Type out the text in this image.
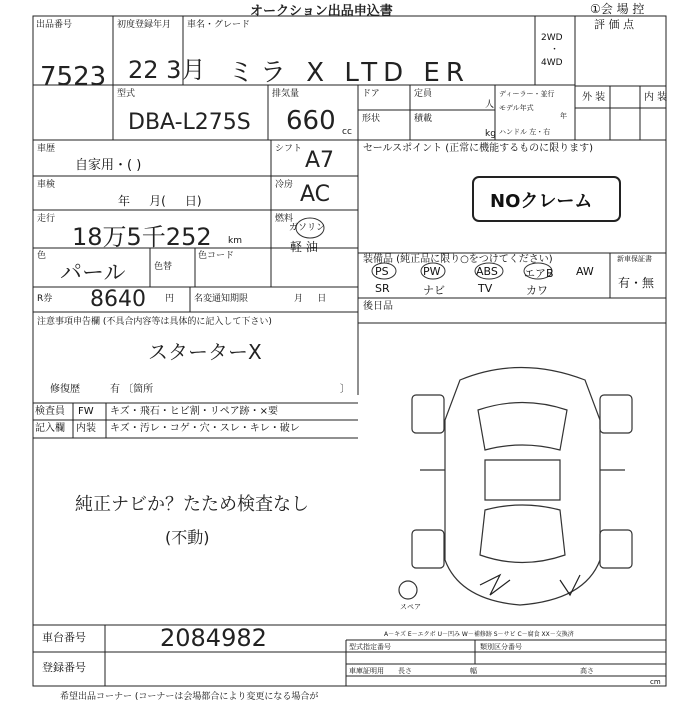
オークション出品申込書	①会 場 控
出品番号
7523
初度登録年月
22 3月
車名・グレード
ミラ X LTD ER
2WD
・
4WD
評 価 点
型式
DBA-L275S
排気量
660 cc
ドア	定員
人
形状	積載
kg
ディーラー・並行
モデル年式
年
ハンドル 左・右
外 装	内 装
車歴
自家用・( )
車検
年     月(     日)
走行
18万5千252 km
色
パール	色替
色コード
R券 8640 円 名変通知期限	月     日
シフト A7
冷房 AC
燃料
ガソリン
軽 油
セールスポイント (正常に機能するものに限ります)
NOクレーム
装備品 (純正品に限り○をつけてください)
PS	PW	ABS エアB AW
SR	ナビ	TV	カワ
新車保証書
有・無
後日品
注意事項申告欄 (不具合内容等は具体的に記入して下さい)
スターターX
修復歴	有 〔箇所	〕
検査員
記入欄
FW キズ・飛石・ヒビ割・リペア跡・×要
内装 キズ・汚レ・コゲ・穴・スレ・キレ・破レ
純正ナビか？たため検査なし
(不動)
スペア
A－キズ E－エクボ U－凹み W－補修跡 S－サビ C－腐食 XX－交換済
車台番号	2084982
登録番号
型式指定番号	類別区分番号
車庫証明用 長さ	幅	高さ
cm
希望出品コーナー (コーナーは会場都合により変更になる場合が
